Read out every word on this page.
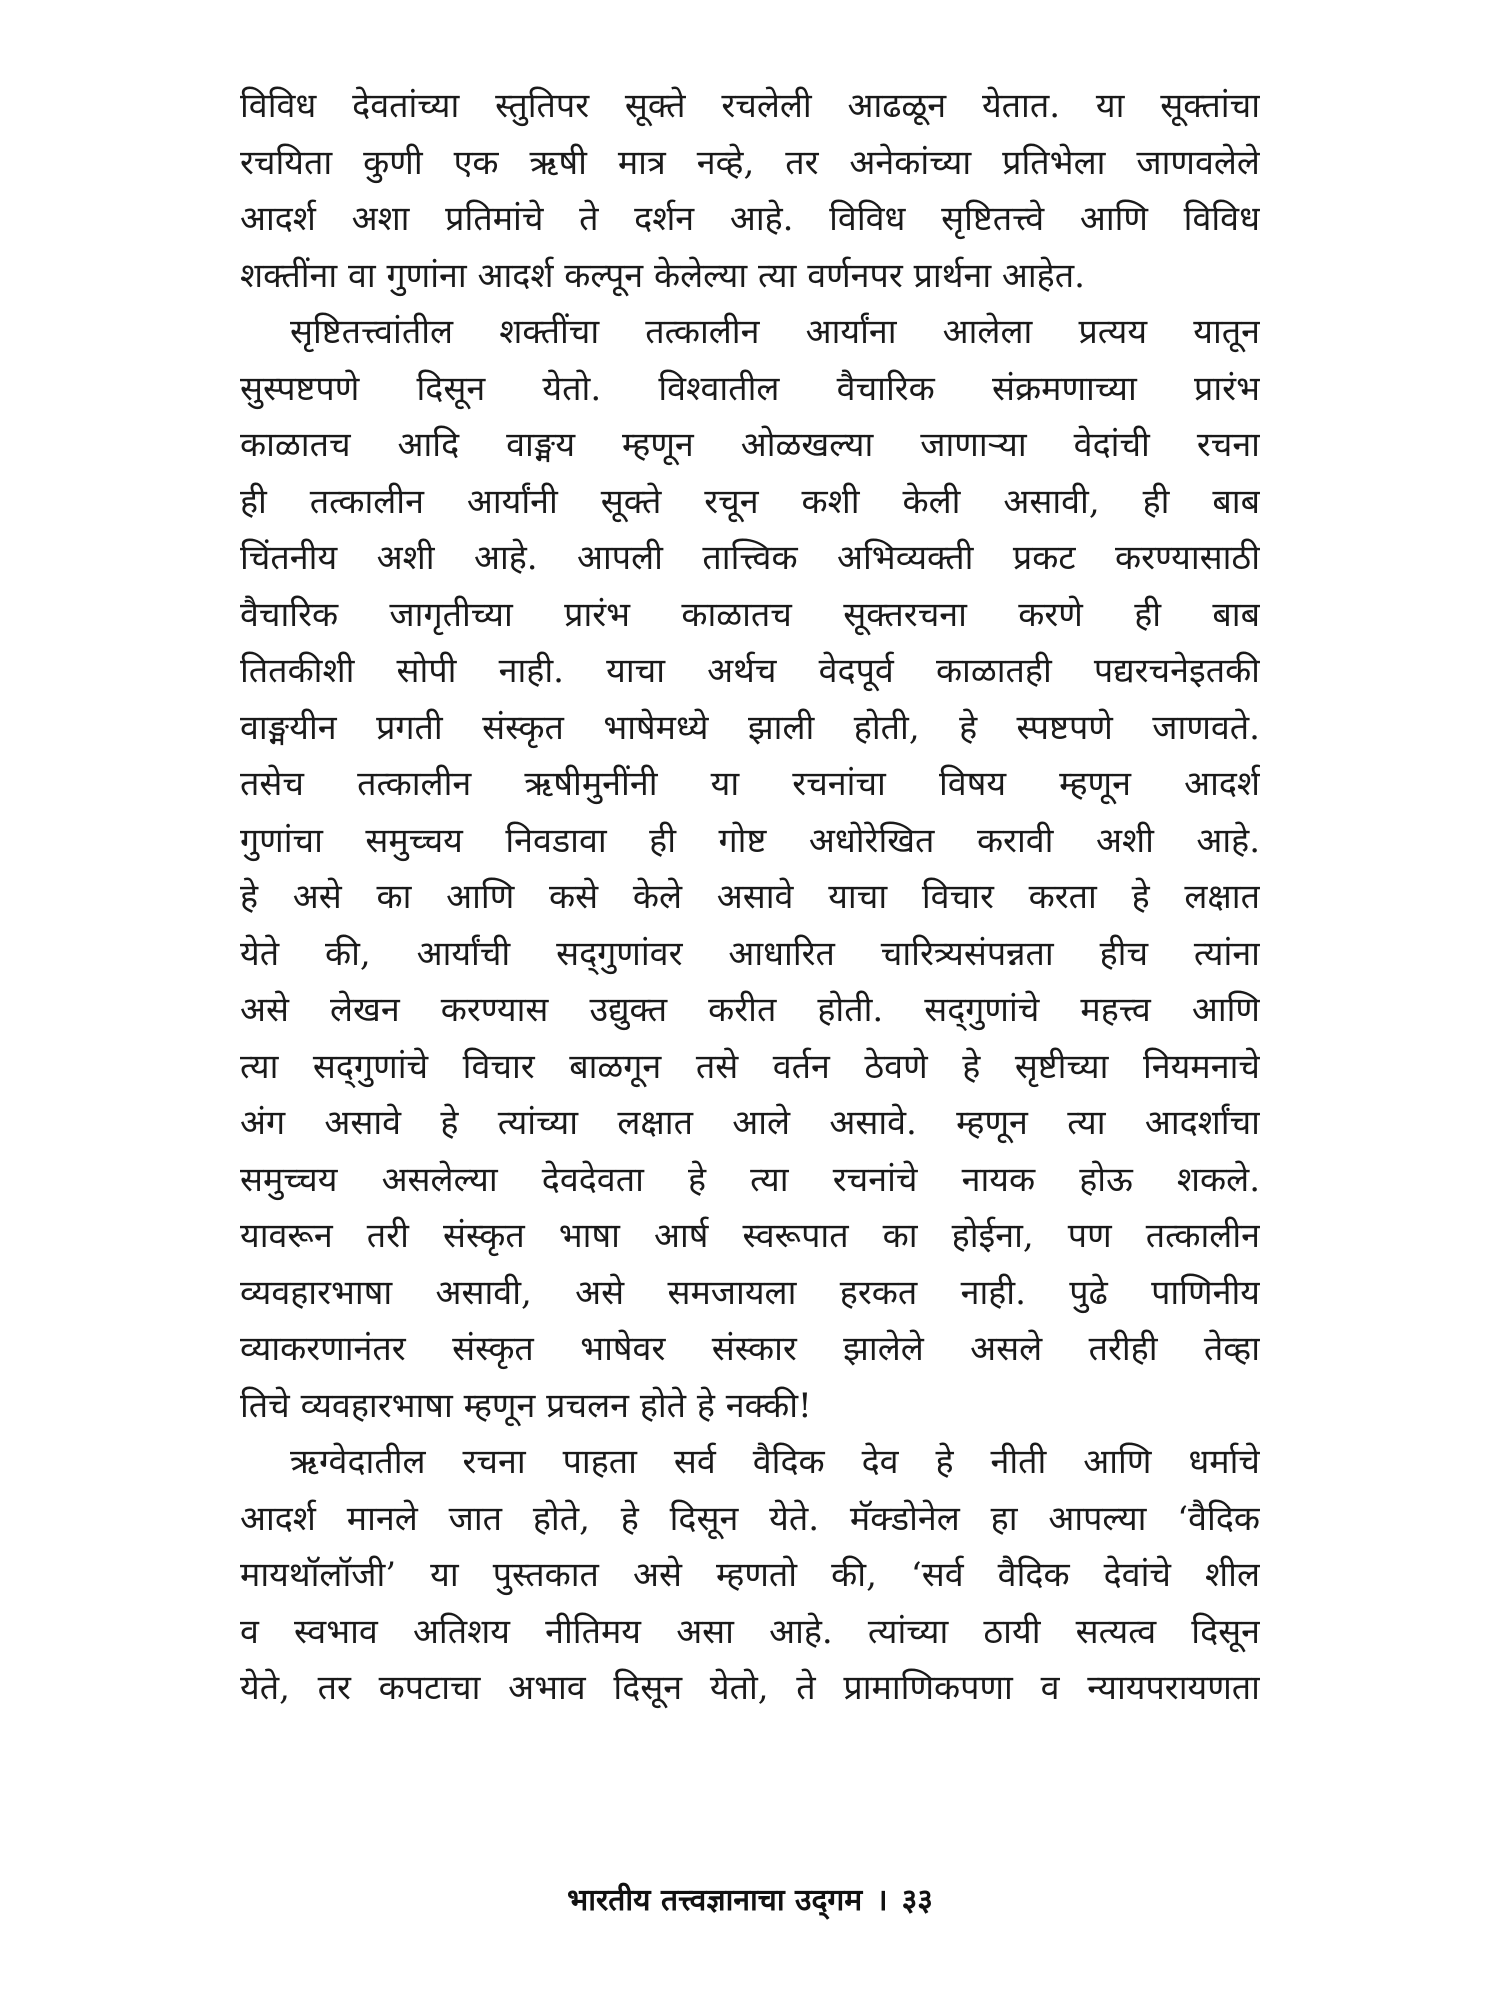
विविध देवतांच्या स्तुतिपर सूक्ते रचलेली आढळून येतात. या सूक्तांचा
रचयिता कुणी एक ऋषी मात्र नव्हे, तर अनेकांच्या प्रतिभेला जाणवलेले
आदर्श अशा प्रतिमांचे ते दर्शन आहे. विविध सृष्टितत्त्वे आणि विविध
शक्तींना वा गुणांना आदर्श कल्पून केलेल्या त्या वर्णनपर प्रार्थना आहेत.

सृष्टितत्त्वांतील शक्तींचा तत्कालीन आर्यांना आलेला प्रत्यय यातून
सुस्पष्टपणे दिसून येतो. विश्वातील वैचारिक संक्रमणाच्या प्रारंभ
काळातच आदि वाङ्मय म्हणून ओळखल्या जाणाऱ्या वेदांची रचना
ही तत्कालीन आर्यांनी सूक्ते रचून कशी केली असावी, ही बाब
चिंतनीय अशी आहे. आपली तात्त्विक अभिव्यक्ती प्रकट करण्यासाठी
वैचारिक जागृतीच्या प्रारंभ काळातच सूक्तरचना करणे ही बाब
तितकीशी सोपी नाही. याचा अर्थच वेदपूर्व काळातही पद्यरचनेइतकी
वाङ्मयीन प्रगती संस्कृत भाषेमध्ये झाली होती, हे स्पष्टपणे जाणवते.
तसेच तत्कालीन ऋषीमुनींनी या रचनांचा विषय म्हणून आदर्श
गुणांचा समुच्चय निवडावा ही गोष्ट अधोरेखित करावी अशी आहे.
हे असे का आणि कसे केले असावे याचा विचार करता हे लक्षात
येते की, आर्यांची सद्‌गुणांवर आधारित चारित्र्यसंपन्नता हीच त्यांना
असे लेखन करण्यास उद्युक्त करीत होती. सद्‌गुणांचे महत्त्व आणि
त्या सद्‌गुणांचे विचार बाळगून तसे वर्तन ठेवणे हे सृष्टीच्या नियमनाचे
अंग असावे हे त्यांच्या लक्षात आले असावे. म्हणून त्या आदर्शांचा
समुच्चय असलेल्या देवदेवता हे त्या रचनांचे नायक होऊ शकले.
यावरून तरी संस्कृत भाषा आर्ष स्वरूपात का होईना, पण तत्कालीन
व्यवहारभाषा असावी, असे समजायला हरकत नाही. पुढे पाणिनीय
व्याकरणानंतर संस्कृत भाषेवर संस्कार झालेले असले तरीही तेव्हा
तिचे व्यवहारभाषा म्हणून प्रचलन होते हे नक्की!

ऋग्वेदातील रचना पाहता सर्व वैदिक देव हे नीती आणि धर्माचे
आदर्श मानले जात होते, हे दिसून येते. मॅक्डोनेल हा आपल्या ‘वैदिक
मायथॉलॉजी’ या पुस्तकात असे म्हणतो की, ‘सर्व वैदिक देवांचे शील
व स्वभाव अतिशय नीतिमय असा आहे. त्यांच्या ठायी सत्यत्व दिसून
येते, तर कपटाचा अभाव दिसून येतो, ते प्रामाणिकपणा व न्यायपरायणता

भारतीय तत्त्वज्ञानाचा उद्‌गम । ३३
